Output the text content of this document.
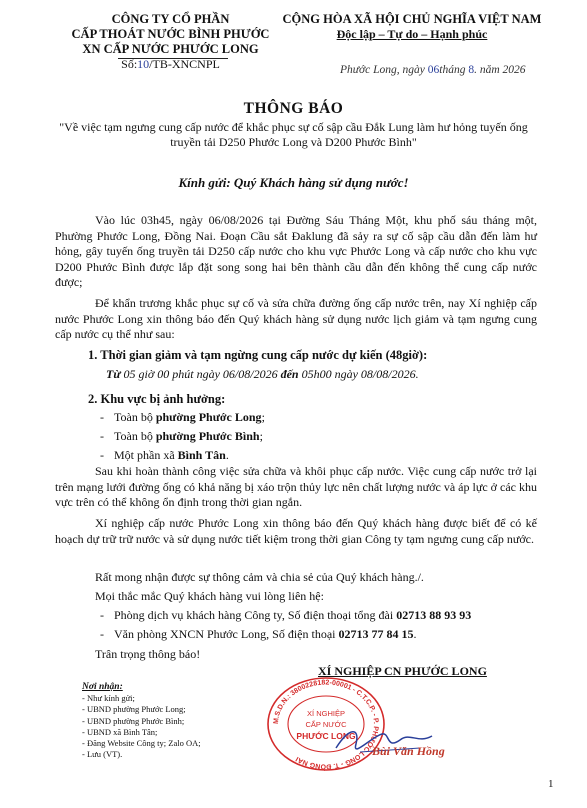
CÔNG TY CỔ PHẦN
CẤP THOÁT NƯỚC BÌNH PHƯỚC
XN CẤP NƯỚC PHƯỚC LONG
Số:10/TB-XNCNPL
CỘNG HÒA XÃ HỘI CHỦ NGHĨA VIỆT NAM
Độc lập – Tự do – Hạnh phúc
Phước Long, ngày 06tháng 8. năm 2026
THÔNG BÁO
"Về việc tạm ngưng cung cấp nước để khắc phục sự cố sập cầu Đắk Lung làm hư hỏng tuyến ống truyền tải D250 Phước Long và D200 Phước Bình"
Kính gửi: Quý Khách hàng sử dụng nước!
Vào lúc 03h45, ngày 06/08/2026 tại Đường Sáu Tháng Một, khu phố sáu tháng một, Phường Phước Long, Đồng Nai. Đoạn Cầu sắt Đaklung đã sảy ra sự cố sập cầu dẫn đến làm hư hỏng, gây tuyến ống truyền tải D250 cấp nước cho khu vực Phước Long và cấp nước cho khu vực D200 Phước Bình được lắp đặt song song hai bên thành cầu dẫn đến không thể cung cấp nước được;
Để khẩn trương khắc phục sự cố và sửa chữa đường ống cấp nước trên, nay Xí nghiệp cấp nước Phước Long xin thông báo đến Quý khách hàng sử dụng nước lịch giảm và tạm ngưng cung cấp nước cụ thể như sau:
1. Thời gian giảm và tạm ngừng cung cấp nước dự kiến (48giờ):
Từ 05 giờ 00 phút ngày 06/08/2026 đến 05h00 ngày 08/08/2026.
2. Khu vực bị ảnh hưởng:
- Toàn bộ phường Phước Long;
- Toàn bộ phường Phước Bình;
- Một phần xã Bình Tân.
Sau khi hoàn thành công việc sửa chữa và khôi phục cấp nước. Việc cung cấp nước trở lại trên mạng lưới đường ống có khả năng bị xáo trộn thủy lực nên chất lượng nước và áp lực ở các khu vực trên có thể không ổn định trong thời gian ngắn.
Xí nghiệp cấp nước Phước Long xin thông báo đến Quý khách hàng được biết để có kế hoạch dự trữ trữ nước và sử dụng nước tiết kiệm trong thời gian Công ty tạm ngưng cung cấp nước.
Rất mong nhận được sự thông cảm và chia sẻ của Quý khách hàng./.
Mọi thắc mắc Quý khách hàng vui lòng liên hệ:
- Phòng dịch vụ khách hàng Công ty, Số điện thoại tổng đài 02713 88 93 93
- Văn phòng XNCN Phước Long, Số điện thoại 02713 77 84 15.
Trân trọng thông báo!
XÍ NGHIỆP CN PHƯỚC LONG
M.S.D.N.: 3800228182-00001 - C.T.C.P. - P. PHƯỚC LONG - T. ĐỒNG NAI
XÍ NGHIỆP
CẤP NƯỚC
PHƯỚC LONG
Bùi Văn Hồng
Nơi nhận:
- Như kính gửi;
- UBND phường Phước Long;
- UBND phường Phước Bình;
- UBND xã Bình Tân;
- Đăng Website Công ty; Zalo OA;
- Lưu (VT).
1
